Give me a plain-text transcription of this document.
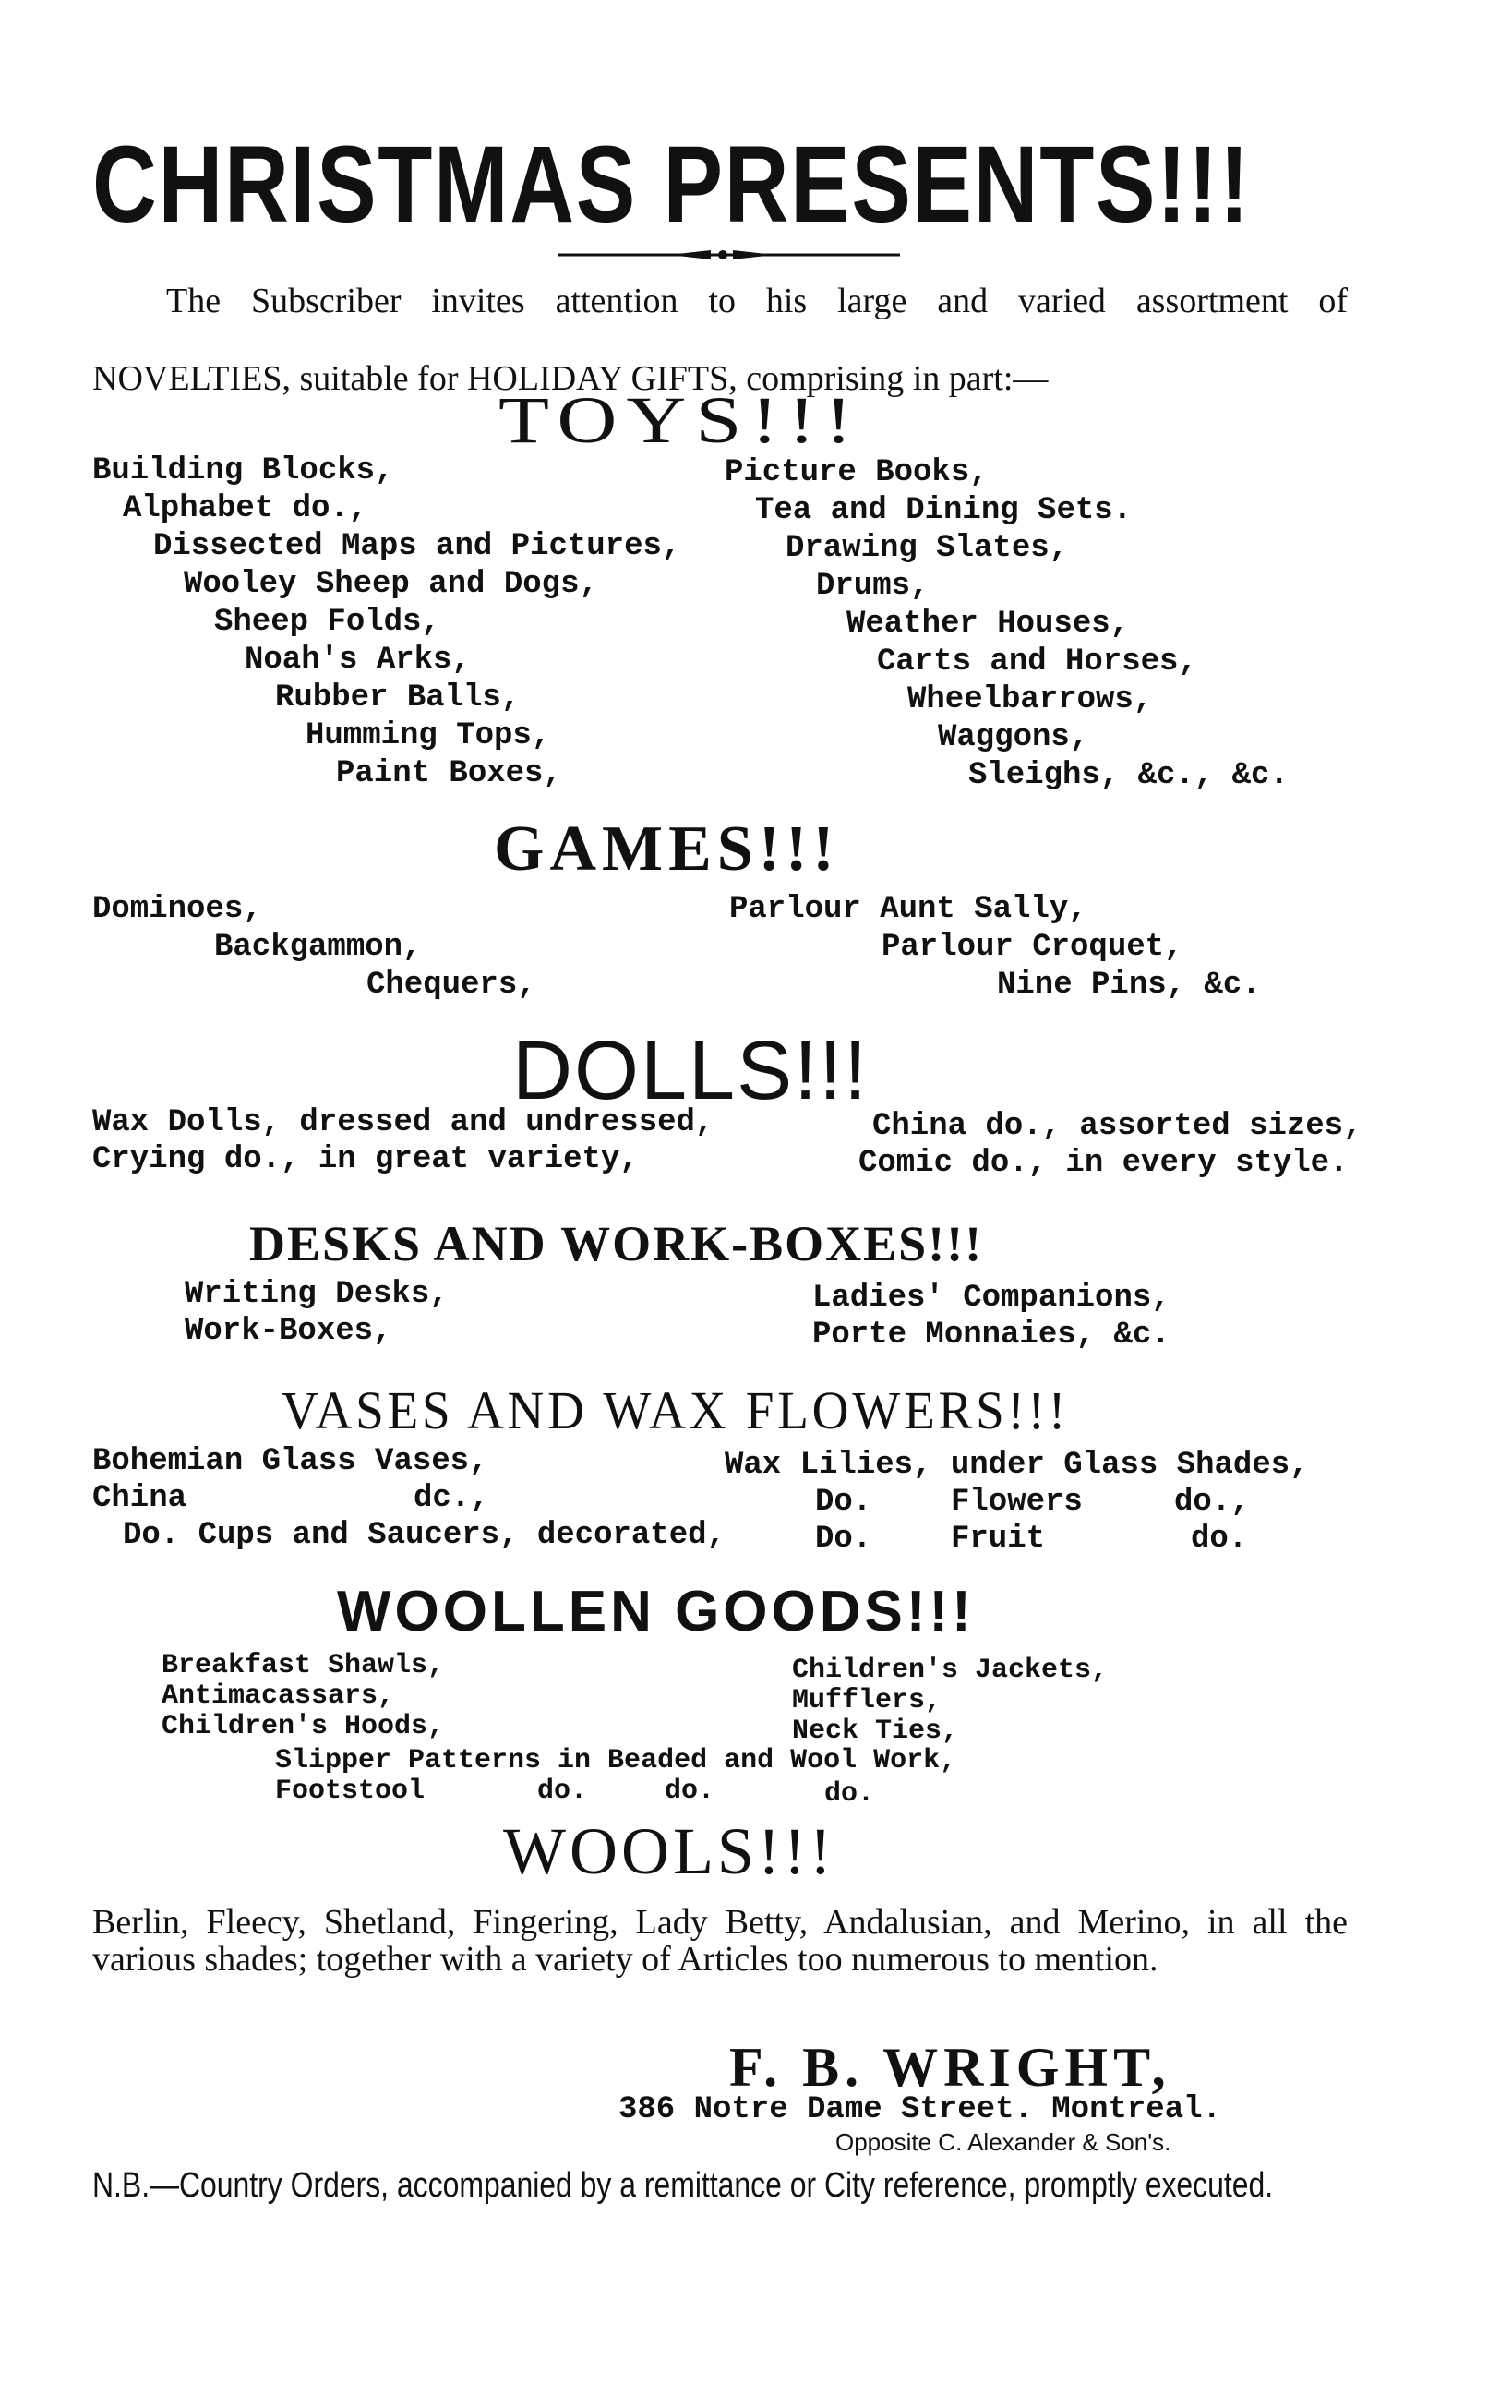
CHRISTMAS PRESENTS!!!
The Subscriber invites attention to his large and varied assortment of
NOVELTIES, suitable for HOLIDAY GIFTS, comprising in part:—
TOYS!!!
Building Blocks,
Alphabet do.,
Dissected Maps and Pictures,
Wooley Sheep and Dogs,
Sheep Folds,
Noah's Arks,
Rubber Balls,
Humming Tops,
Paint Boxes,
Picture Books,
Tea and Dining Sets.
Drawing Slates,
Drums,
Weather Houses,
Carts and Horses,
Wheelbarrows,
Waggons,
Sleighs, &c., &c.
GAMES!!!
Dominoes,
Backgammon,
Chequers,
Parlour Aunt Sally,
Parlour Croquet,
Nine Pins, &c.
DOLLS!!!
Wax Dolls, dressed and undressed,
Crying do., in great variety,
China do., assorted sizes,
Comic do., in every style.
DESKS AND WORK-BOXES!!!
Writing Desks,
Work-Boxes,
Ladies' Companions,
Porte Monnaies, &c.
VASES AND WAX FLOWERS!!!
Bohemian Glass Vases,
China	dc.,
Do. Cups and Saucers, decorated,
Wax Lilies, under Glass Shades,
Do.	Flowers	do.,
Do.	Fruit	do.
WOOLLEN GOODS!!!
Breakfast Shawls,
Antimacassars,
Children's Hoods,
Children's Jackets,
Mufflers,
Neck Ties,
Slipper Patterns in Beaded and Wool Work,
Footstool	do.	do.	do.
WOOLS!!!
Berlin, Fleecy, Shetland, Fingering, Lady Betty, Andalusian, and Merino, in all the various shades; together with a variety of Articles too numerous to mention.
F. B. WRIGHT,
386 Notre Dame Street. Montreal.
Opposite C. Alexander & Son's.
N.B.—Country Orders, accompanied by a remittance or City reference, promptly executed.
